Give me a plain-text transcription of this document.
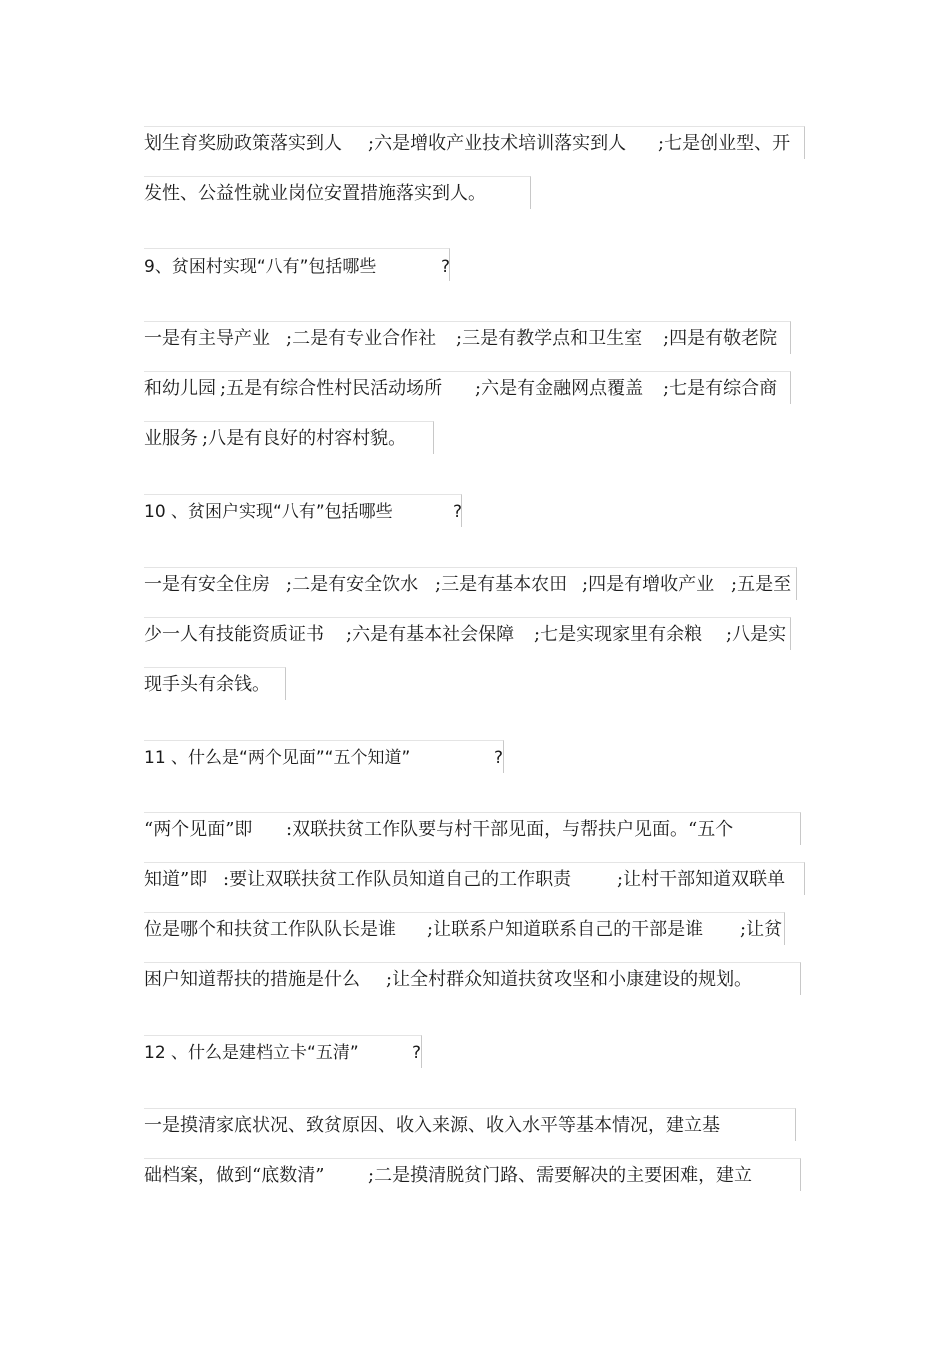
划生育奖励政策落实到人 ;六是增收产业技术培训落实到人 ;七是创业型、开
发性、公益性就业岗位安置措施落实到人。
9、贫困村实现“八有”包括哪些	?
一是有主导产业 ;二是有专业合作社 ;三是有教学点和卫生室 ;四是有敬老院
和幼儿园 ;五是有综合性村民活动场所 ;六是有金融网点覆盖 ;七是有综合商
业服务 ;八是有良好的村容村貌。
10 、贫困户实现“八有”包括哪些	?
一是有安全住房 ;二是有安全饮水 ;三是有基本农田 ;四是有增收产业 ;五是至
少一人有技能资质证书 ;六是有基本社会保障 ;七是实现家里有余粮 ;八是实
现手头有余钱。
11 、什么是“两个见面”“五个知道”	?
“两个见面”即 :双联扶贫工作队要与村干部见面，与帮扶户见面。“五个
知道”即 :要让双联扶贫工作队员知道自己的工作职责	;让村干部知道双联单
位是哪个和扶贫工作队队长是谁 ;让联系户知道联系自己的干部是谁 ;让贫
困户知道帮扶的措施是什么 ;让全村群众知道扶贫攻坚和小康建设的规划。
12 、什么是建档立卡“五清”	?
一是摸清家底状况、致贫原因、收入来源、收入水平等基本情况，建立基
础档案，做到“底数清” ;二是摸清脱贫门路、需要解决的主要困难，建立
